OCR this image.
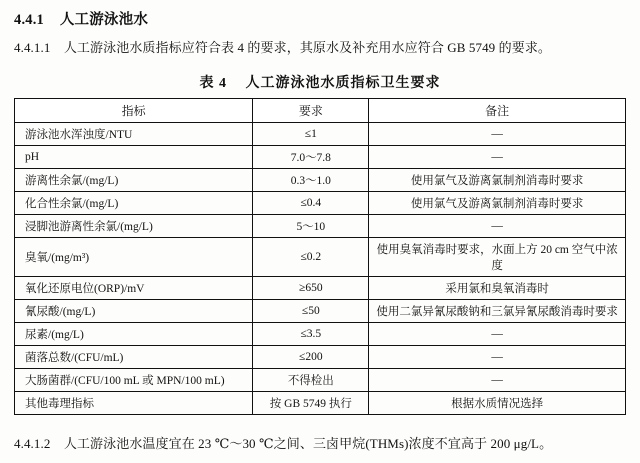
4.4.1 人工游泳池水
4.4.1.1 人工游泳池水质指标应符合表 4 的要求，其原水及补充用水应符合 GB 5749 的要求。
表 4 人工游泳池水质指标卫生要求
指标	要求	备注
游泳池水浑浊度/NTU	≤1	—
pH	7.0～7.8	—
游离性余氯/(mg/L)	0.3～1.0	使用氯气及游离氯制剂消毒时要求
化合性余氯/(mg/L)	≤0.4	使用氯气及游离氯制剂消毒时要求
浸脚池游离性余氯/(mg/L)	5～10	—
臭氧/(mg/m³)	≤0.2	使用臭氧消毒时要求，水面上方 20 cm 空气中浓度
氧化还原电位(ORP)/mV	≥650	采用氯和臭氧消毒时
氰尿酸/(mg/L)	≤50	使用二氯异氰尿酸钠和三氯异氰尿酸消毒时要求
尿素/(mg/L)	≤3.5	—
菌落总数/(CFU/mL)	≤200	—
大肠菌群/(CFU/100 mL 或 MPN/100 mL)	不得检出	—
其他毒理指标	按 GB 5749 执行	根据水质情况选择
4.4.1.2 人工游泳池水温度宜在 23 ℃～30 ℃之间、三卤甲烷(THMs)浓度不宜高于 200 μg/L。
